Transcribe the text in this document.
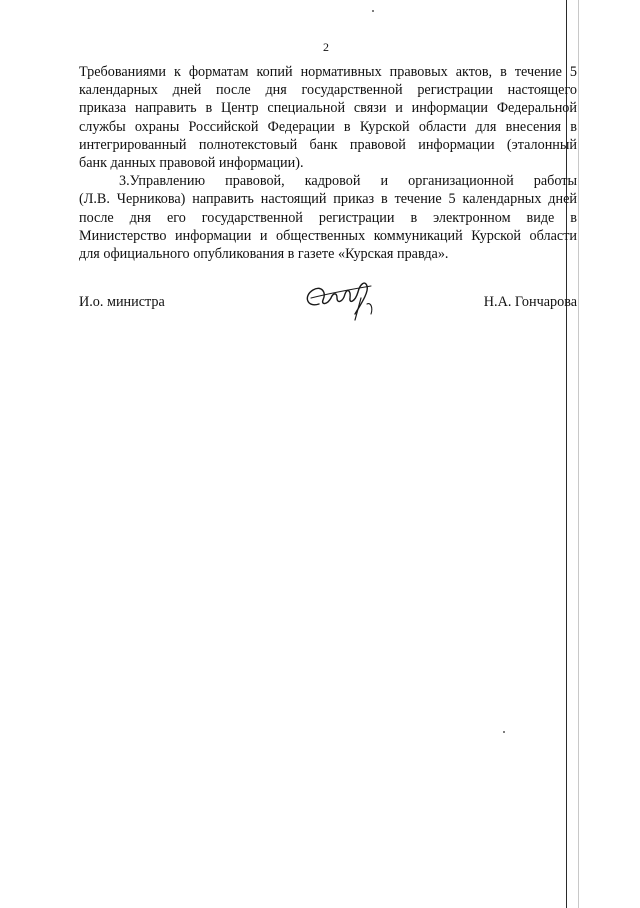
2

Требованиями к форматам копий нормативных правовых актов, в течение 5
календарных дней после дня государственной регистрации настоящего
приказа направить в Центр специальной связи и информации Федеральной
службы охраны Российской Федерации в Курской области для внесения в
интегрированный полнотекстовый банк правовой информации (эталонный
банк данных правовой информации).

3.Управлению правовой, кадровой и организационной работы
(Л.В. Черникова) направить настоящий приказ в течение 5 календарных дней
после дня его государственной регистрации в электронном виде в
Министерство информации и общественных коммуникаций Курской области
для официального опубликования в газете «Курская правда».

И.о. министра	Н.А. Гончарова
